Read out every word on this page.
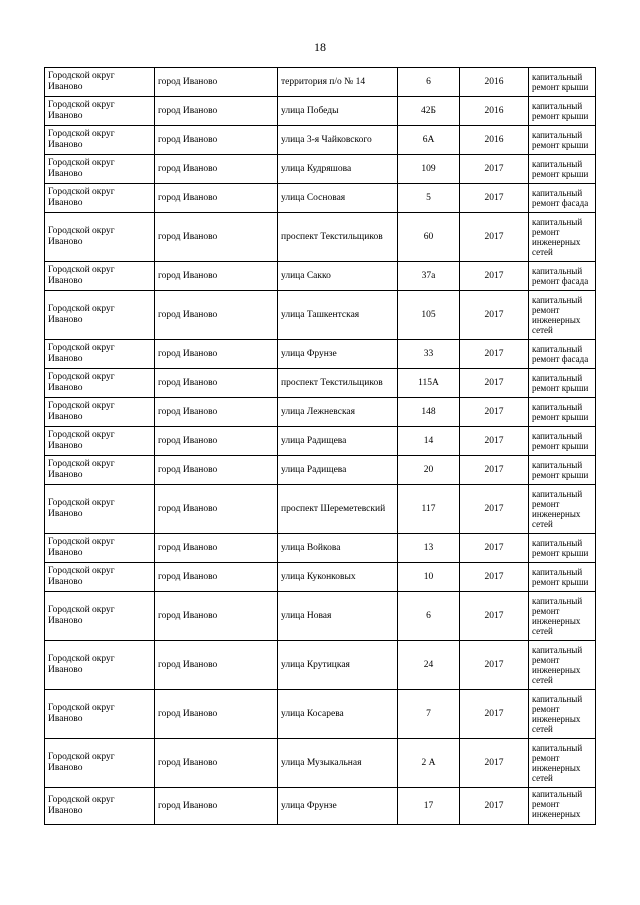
18
Городской округ Иваново	город Иваново	территория п/о № 14	6	2016	капитальный ремонт крыши
Городской округ Иваново	город Иваново	улица Победы	42Б	2016	капитальный ремонт крыши
Городской округ Иваново	город Иваново	улица 3-я Чайковского	6А	2016	капитальный ремонт крыши
Городской округ Иваново	город Иваново	улица Кудряшова	109	2017	капитальный ремонт крыши
Городской округ Иваново	город Иваново	улица Сосновая	5	2017	капитальный ремонт фасада
Городской округ Иваново	город Иваново	проспект Текстильщиков	60	2017	капитальный ремонт инженерных сетей
Городской округ Иваново	город Иваново	улица Сакко	37а	2017	капитальный ремонт фасада
Городской округ Иваново	город Иваново	улица Ташкентская	105	2017	капитальный ремонт инженерных сетей
Городской округ Иваново	город Иваново	улица Фрунзе	33	2017	капитальный ремонт фасада
Городской округ Иваново	город Иваново	проспект Текстильщиков	115А	2017	капитальный ремонт крыши
Городской округ Иваново	город Иваново	улица Лежневская	148	2017	капитальный ремонт крыши
Городской округ Иваново	город Иваново	улица Радищева	14	2017	капитальный ремонт крыши
Городской округ Иваново	город Иваново	улица Радищева	20	2017	капитальный ремонт крыши
Городской округ Иваново	город Иваново	проспект Шереметевский	117	2017	капитальный ремонт инженерных сетей
Городской округ Иваново	город Иваново	улица Войкова	13	2017	капитальный ремонт крыши
Городской округ Иваново	город Иваново	улица Куконковых	10	2017	капитальный ремонт крыши
Городской округ Иваново	город Иваново	улица Новая	6	2017	капитальный ремонт инженерных сетей
Городской округ Иваново	город Иваново	улица Крутицкая	24	2017	капитальный ремонт инженерных сетей
Городской округ Иваново	город Иваново	улица Косарева	7	2017	капитальный ремонт инженерных сетей
Городской округ Иваново	город Иваново	улица Музыкальная	2 А	2017	капитальный ремонт инженерных сетей
Городской округ Иваново	город Иваново	улица Фрунзе	17	2017	капитальный ремонт инженерных
